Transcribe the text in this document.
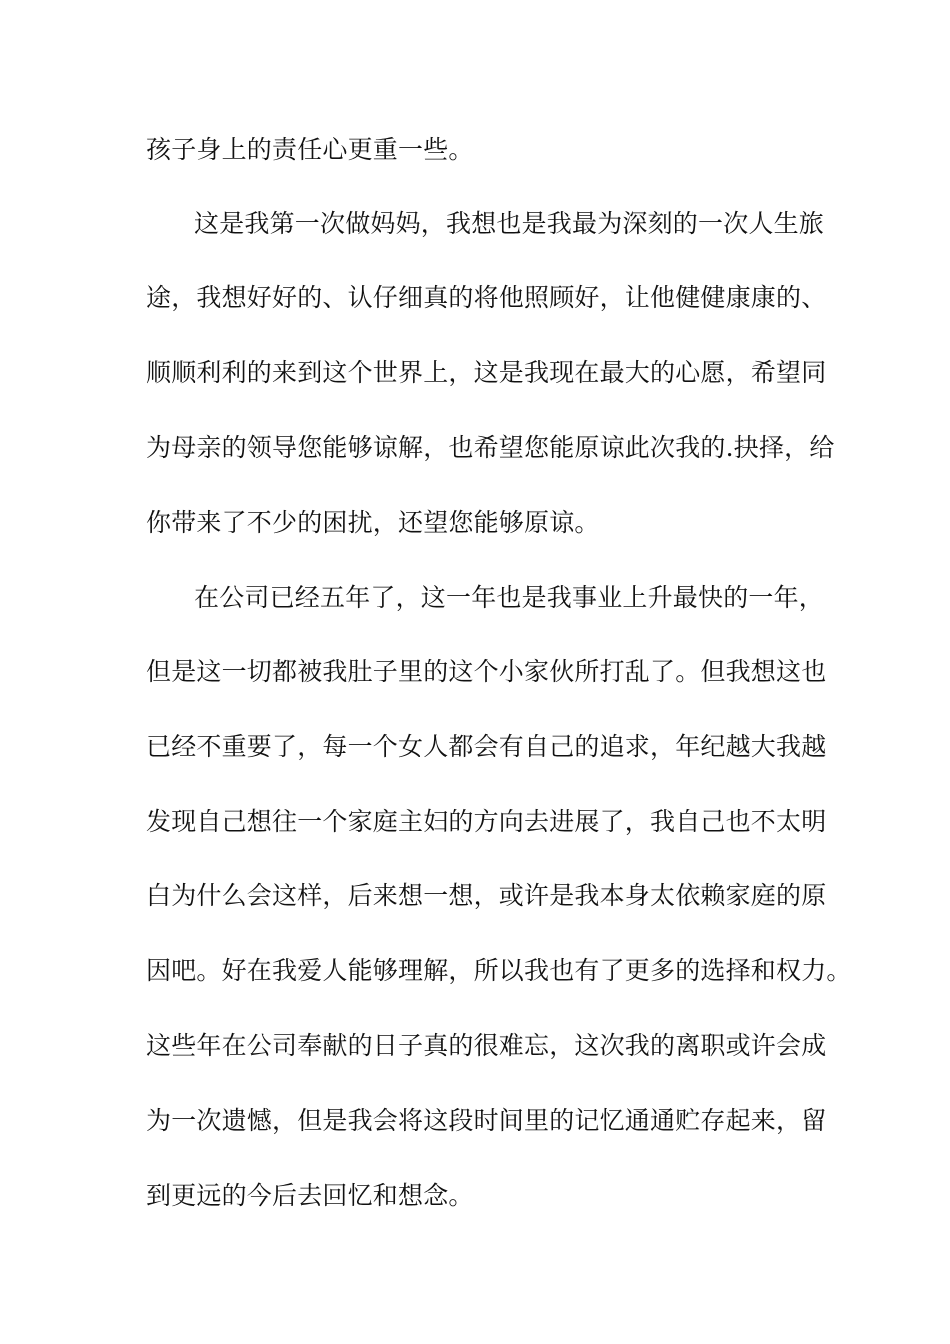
孩子身上的责任心更重一些。
这是我第一次做妈妈，我想也是我最为深刻的一次人生旅
途，我想好好的、认仔细真的将他照顾好，让他健健康康的、
顺顺利利的来到这个世界上，这是我现在最大的心愿，希望同
为母亲的领导您能够谅解，也希望您能原谅此次我的.抉择，给
你带来了不少的困扰，还望您能够原谅。
在公司已经五年了，这一年也是我事业上升最快的一年，
但是这一切都被我肚子里的这个小家伙所打乱了。但我想这也
已经不重要了，每一个女人都会有自己的追求，年纪越大我越
发现自己想往一个家庭主妇的方向去进展了，我自己也不太明
白为什么会这样，后来想一想，或许是我本身太依赖家庭的原
因吧。好在我爱人能够理解，所以我也有了更多的选择和权力。
这些年在公司奉献的日子真的很难忘，这次我的离职或许会成
为一次遗憾，但是我会将这段时间里的记忆通通贮存起来，留
到更远的今后去回忆和想念。
